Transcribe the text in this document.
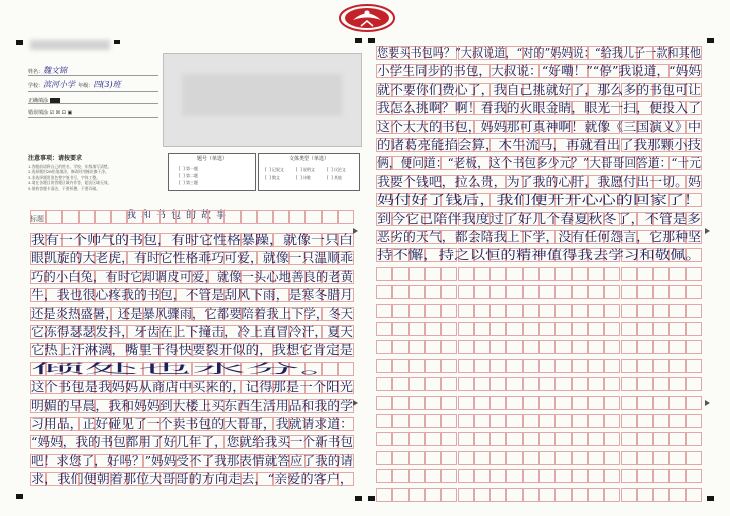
姓名：魏文锦
学校：滨河小学 年级：四(3)班
正确填涂
错误填涂 ☑ ☒ ⊡ ▣
注意事项：请按要求
1.答题前请将自己的姓名、学校、年级填写清楚。
2.选择题用2B铅笔填涂，修改时用橡皮擦干净。
3.非选择题用黑色签字笔书写，字体工整。
4.请在各题目的答题区域内作答，超出区域无效。
5.保持答题卡清洁，不要折叠、不要弄破。
题号（单选）
[  ] 第一题
[  ] 第二题
[  ] 第三题
文体类型（单选）
[  ] 记叙文	[  ] 说明文	[  ] 议论文
[  ] 散文	[  ] 诗歌	[  ] 其他
标题：	我和书包的故事
我有一个帅气的书包，有时它性格暴躁，就像一只白
眼凯旋的大老虎，有时它性格乖巧可爱，就像一只温顺乖
巧的小白兔，有时它却调皮可爱，就像一头心地善良的老黄
牛，我也很心疼我的书包，不管是刮风下雨，是寒冬腊月
还是炎热盛暑，还是暴风骤雨，它都要陪着我上下学，冬天
它冻得瑟瑟发抖，牙齿在上下撞击，冷上直冒冷汗，夏天
它热上汗淋漓，嘴里干得快要裂开似的，我想它肯定是
倾处也水分。
这个书包是我妈妈从商店中买来的，记得那是一个阳光
明媚的早晨，我和妈妈到大楼上买东西生活用品和我的学
习用品，正好碰见了一个卖书包的大哥哥，我就请求道：
“妈妈，我的书包都用了好几年了，您就给我买一个新书包
吧！求您了，好吗？”妈妈受不了我那表情就答应了我的请
求，我们便朝着那位大哥哥的方向走去，“亲爱的客户，
您要买书包吗？”大叔说道，“对的”妈妈说：“给我儿子一款和其他
小学生同步的书包，大叔说：“好嘞！”“停”我说道，“妈妈
就不要你们费心了，我自己挑就好了，那么多的书包可让
我怎么挑啊？啊！看我的火眼金睛，眼光一扫，便投入了
这个大大的书包，妈妈那可真神啊！就像《三国演义》中
的诸葛亮能掐会算，木牛流马，再就看出了我那颗小技
俩，便问道：“老板，这个书包多少元？”大哥哥回答道：“十元
我要个钱吧，拉么贵，为了我的心肝，我愿付出一切。妈
妈付好了钱后，我们便开开心心的回家了！
到今它已陪伴我度过了好几个春夏秋冬了，不管是多
恶劣的天气，都会陪我上下学，没有任何怨言，它那种坚
持不懈，持之以恒的精神值得我去学习和敬佩。
